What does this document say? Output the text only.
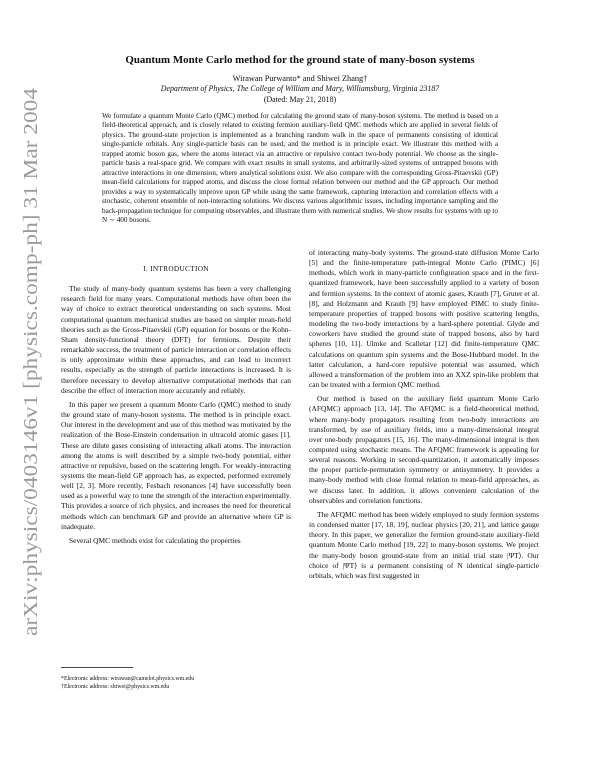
arXiv:physics/0403146v1 [physics.comp-ph] 31 Mar 2004
Quantum Monte Carlo method for the ground state of many-boson systems

Wirawan Purwanto* and Shiwei Zhang†

Department of Physics, The College of William and Mary, Williamsburg, Virginia 23187

(Dated: May 21, 2018)

We formulate a quantum Monte Carlo (QMC) method for calculating the ground state of many-boson systems. The method is based on a field-theoretical approach, and is closely related to existing fermion auxiliary-field QMC methods which are applied in several fields of physics. The ground-state projection is implemented as a branching random walk in the space of permanents consisting of identical single-particle orbitals. Any single-particle basis can be used, and the method is in principle exact. We illustrate this method with a trapped atomic boson gas, where the atoms interact via an attractive or repulsive contact two-body potential. We choose as the single-particle basis a real-space grid. We compare with exact results in small systems, and arbitrarily-sized systems of untrapped bosons with attractive interactions in one dimension, where analytical solutions exist. We also compare with the corresponding Gross-Pitaevskii (GP) mean-field calculations for trapped atoms, and discuss the close formal relation between our method and the GP approach. Our method provides a way to systematically improve upon GP while using the same framework, capturing interaction and correlation effects with a stochastic, coherent ensemble of non-interacting solutions. We discuss various algorithmic issues, including importance sampling and the back-propagation technique for computing observables, and illustrate them with numerical studies. We show results for systems with up to N ∼ 400 bosons.

I. INTRODUCTION

The study of many-body quantum systems has been a very challenging research field for many years. Computational methods have often been the way of choice to extract theoretical understanding on such systems. Most computational quantum mechanical studies are based on simpler mean-field theories such as the Gross-Pitaevskii (GP) equation for bosons or the Kohn-Sham density-functional theory (DFT) for fermions. Despite their remarkable success, the treatment of particle interaction or correlation effects is only approximate within these approaches, and can lead to incorrect results, especially as the strength of particle interactions is increased. It is therefore necessary to develop alternative computational methods that can describe the effect of interaction more accurately and reliably.

In this paper we present a quantum Monte Carlo (QMC) method to study the ground state of many-boson systems. The method is in principle exact. Our interest in the development and use of this method was motivated by the realization of the Bose-Einstein condensation in ultracold atomic gases [1]. These are dilute gases consisting of interacting alkali atoms. The interaction among the atoms is well described by a simple two-body potential, either attractive or repulsive, based on the scattering length. For weakly-interacting systems the mean-field GP approach has, as expected, performed extremely well [2, 3]. More recently, Fesbach resonances [4] have successfully been used as a powerful way to tune the strength of the interaction experimentally. This provides a source of rich physics, and increases the need for theoretical methods which can benchmark GP and provide an alternative where GP is inadequate.

Several QMC methods exist for calculating the properties

of interacting many-body systems. The ground-state diffusion Monte Carlo [5] and the finite-temperature path-integral Monte Carlo (PIMC) [6] methods, which work in many-particle configuration space and in the first-quantized framework, have been successfully applied to a variety of boson and fermion systems. In the context of atomic gases, Krauth [7], Gruter et al. [8], and Holzmann and Krauth [9] have employed PIMC to study finite-temperature properties of trapped bosons with positive scattering lengths, modeling the two-body interactions by a hard-sphere potential. Glyde and coworkers have studied the ground state of trapped bosons, also by hard spheres [10, 11]. Ulmke and Scalletar [12] did finite-temperature QMC calculations on quantum spin systems and the Bose-Hubbard model. In the latter calculation, a hard-core repulsive potential was assumed, which allowed a transformation of the problem into an XXZ spin-like problem that can be treated with a fermion QMC method.

Our method is based on the auxiliary field quantum Monte Carlo (AFQMC) approach [13, 14]. The AFQMC is a field-theoretical method, where many-body propagators resulting from two-body interactions are transformed, by use of auxiliary fields, into a many-dimensional integral over one-body propagators [15, 16]. The many-dimensional integral is then computed using stochastic means. The AFQMC framework is appealing for several reasons. Working in second-quantization, it automatically imposes the proper particle-permutation symmetry or antisymmetry. It provides a many-body method with close formal relation to mean-field approaches, as we discuss later. In addition, it allows convenient calculation of the observables and correlation functions.

The AFQMC method has been widely employed to study fermion systems in condensed matter [17, 18, 19], nuclear physics [20, 21], and lattice gauge theory. In this paper, we generalize the fermion ground-state auxiliary-field quantum Monte Carlo method [19, 22] to many-boson systems. We project the many-body boson ground-state from an initial trial state |ΨT⟩. Our choice of |ΨT⟩ is a permanent consisting of N identical single-particle orbitals, which was first suggested in

*Electronic address: wirawan@camelot.physics.wm.edu
†Electronic address: shiwei@physics.wm.edu
